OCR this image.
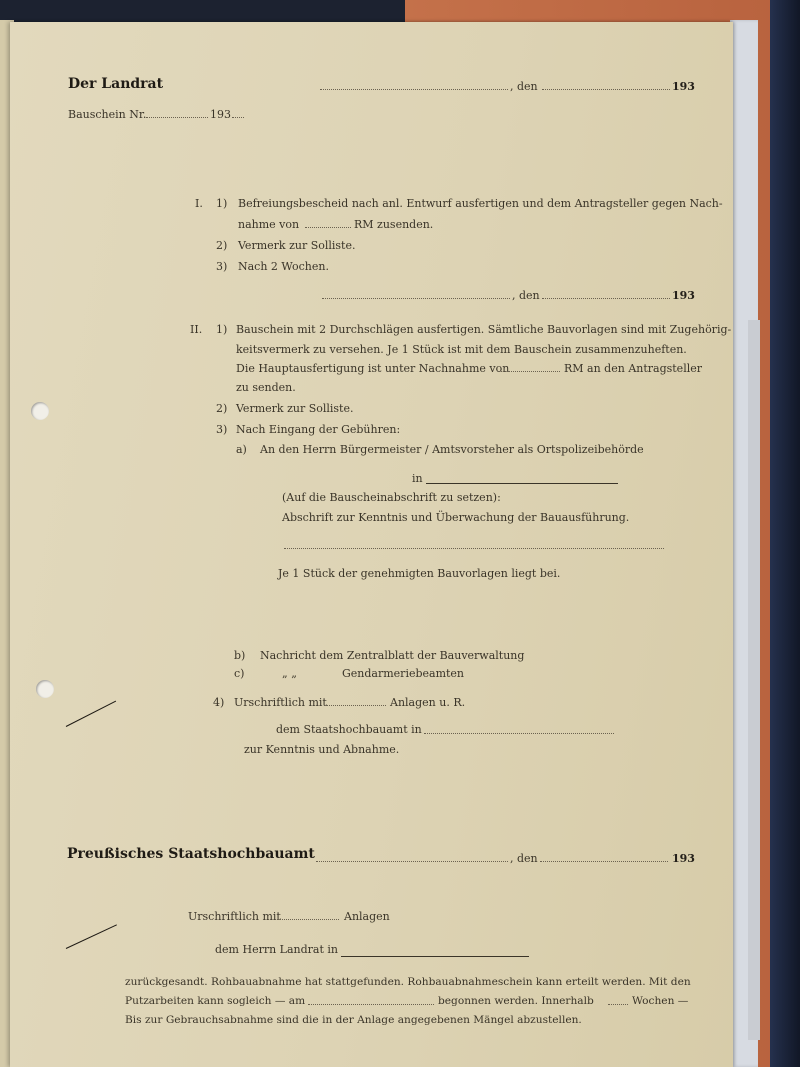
Der Landrat	, den	193
Bauschein Nr.	193
I. 1) Befreiungsbescheid nach anl. Entwurf ausfertigen und dem Antragsteller gegen Nach-
nahme von	RM zusenden.
2) Vermerk zur Solliste.
3) Nach 2 Wochen.
, den	193
II. 1) Bauschein mit 2 Durchschlägen ausfertigen. Sämtliche Bauvorlagen sind mit Zugehörig-
keitsvermerk zu versehen. Je 1 Stück ist mit dem Bauschein zusammenzuheften.
Die Hauptausfertigung ist unter Nachnahme von	RM an den Antragsteller
zu senden.
2) Vermerk zur Solliste.
3) Nach Eingang der Gebühren:
a) An den Herrn Bürgermeister / Amtsvorsteher als Ortspolizeibehörde
in
(Auf die Bauscheinabschrift zu setzen):
Abschrift zur Kenntnis und Überwachung der Bauausführung.
Je 1 Stück der genehmigten Bauvorlagen liegt bei.
b) Nachricht dem Zentralblatt der Bauverwaltung
c)	„ „	Gendarmeriebeamten
4) Urschriftlich mit	Anlagen u. R.
dem Staatshochbauamt in
zur Kenntnis und Abnahme.
Preußisches Staatshochbauamt	, den	193
Urschriftlich mit	Anlagen
dem Herrn Landrat in
zurückgesandt. Rohbauabnahme hat stattgefunden. Rohbauabnahmeschein kann erteilt werden. Mit den
Putzarbeiten kann sogleich — am	begonnen werden. Innerhalb	Wochen —
Bis zur Gebrauchsabnahme sind die in der Anlage angegebenen Mängel abzustellen.
